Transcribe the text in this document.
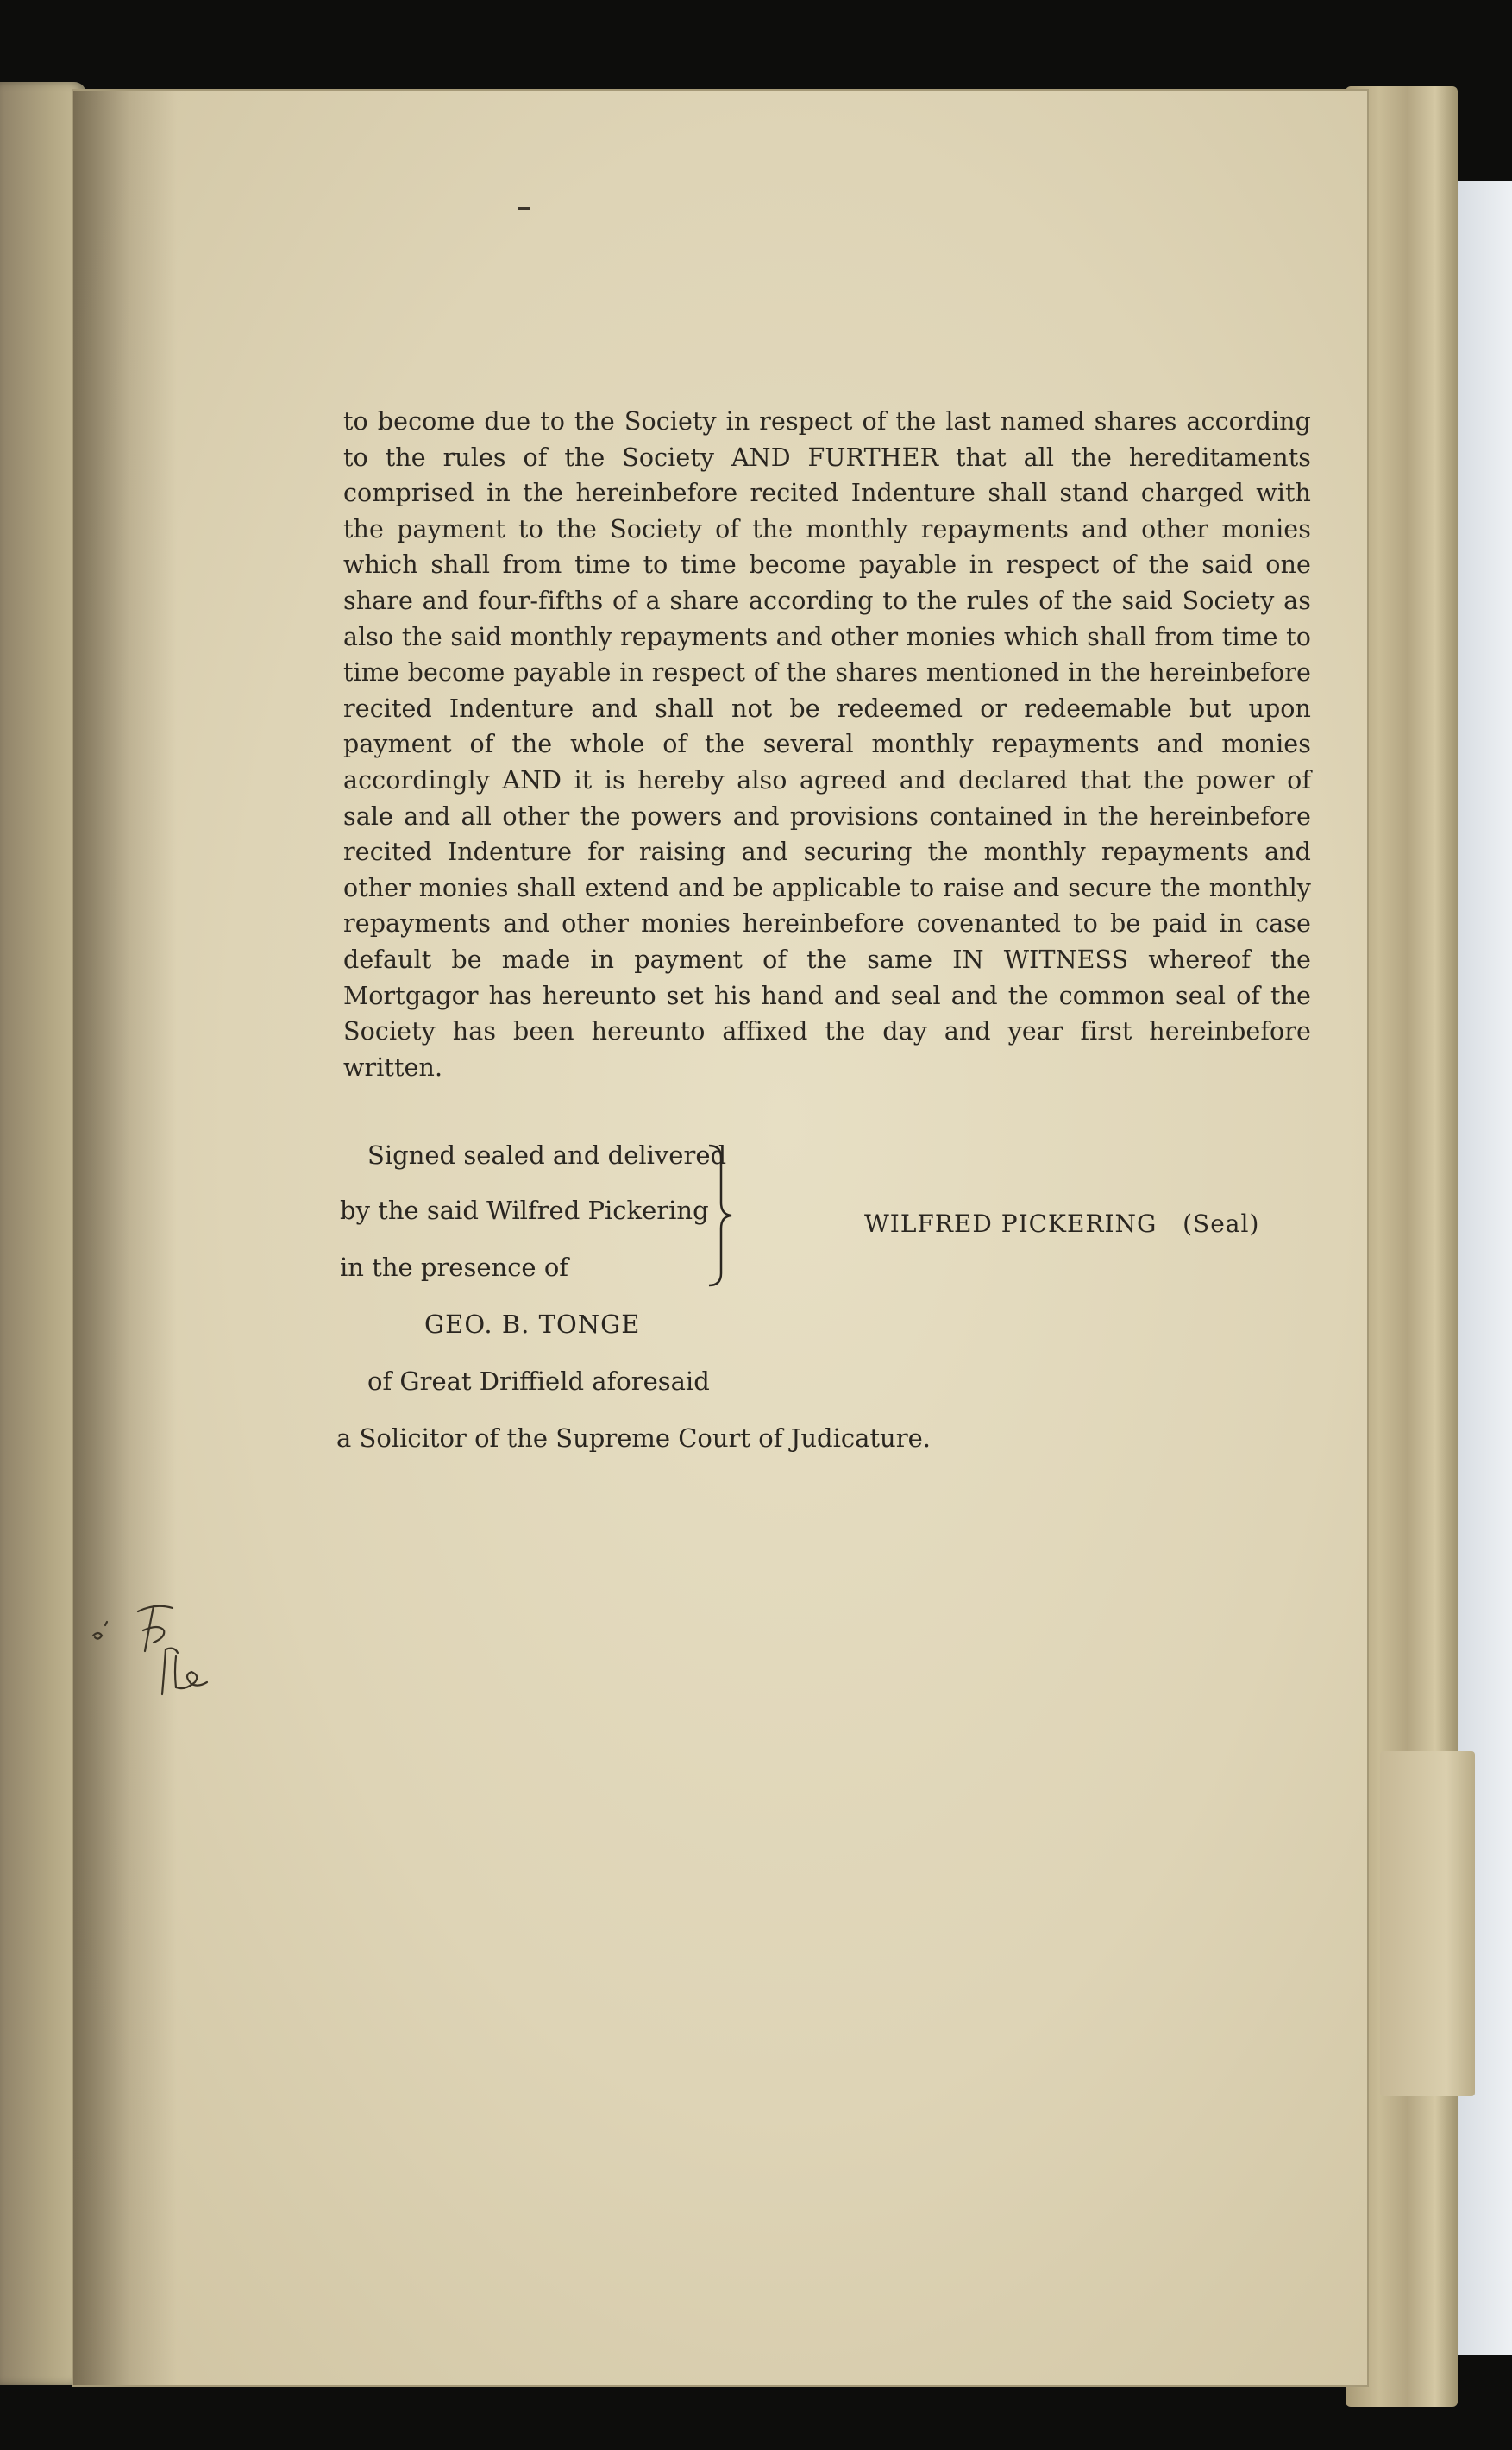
to become due to the Society in respect of the last named shares according to the rules of the Society AND FURTHER that all the hereditaments comprised in the hereinbefore recited Indenture shall stand charged with the payment to the Society of the monthly repayments and other monies which shall from time to time become payable in respect of the said one share and four-fifths of a share according to the rules of the said Society as also the said monthly repayments and other monies which shall from time to time become payable in respect of the shares mentioned in the hereinbefore recited Indenture and shall not be redeemed or redeemable but upon payment of the whole of the several monthly repayments and monies accordingly AND it is hereby also agreed and declared that the power of sale and all other the powers and provisions contained in the hereinbefore recited Indenture for raising and securing the monthly repayments and other monies shall extend and be applicable to raise and secure the monthly repayments and other monies hereinbefore covenanted to be paid in case default be made in payment of the same IN WITNESS whereof the Mortgagor has hereunto set his hand and seal and the common seal of the Society has been hereunto affixed the day and year first hereinbefore written.

Signed sealed and delivered
by the said Wilfred Pickering
in the presence of
WILFRED PICKERING   (Seal)
GEO. B. TONGE
of Great Driffield aforesaid
a Solicitor of the Supreme Court of Judicature.
